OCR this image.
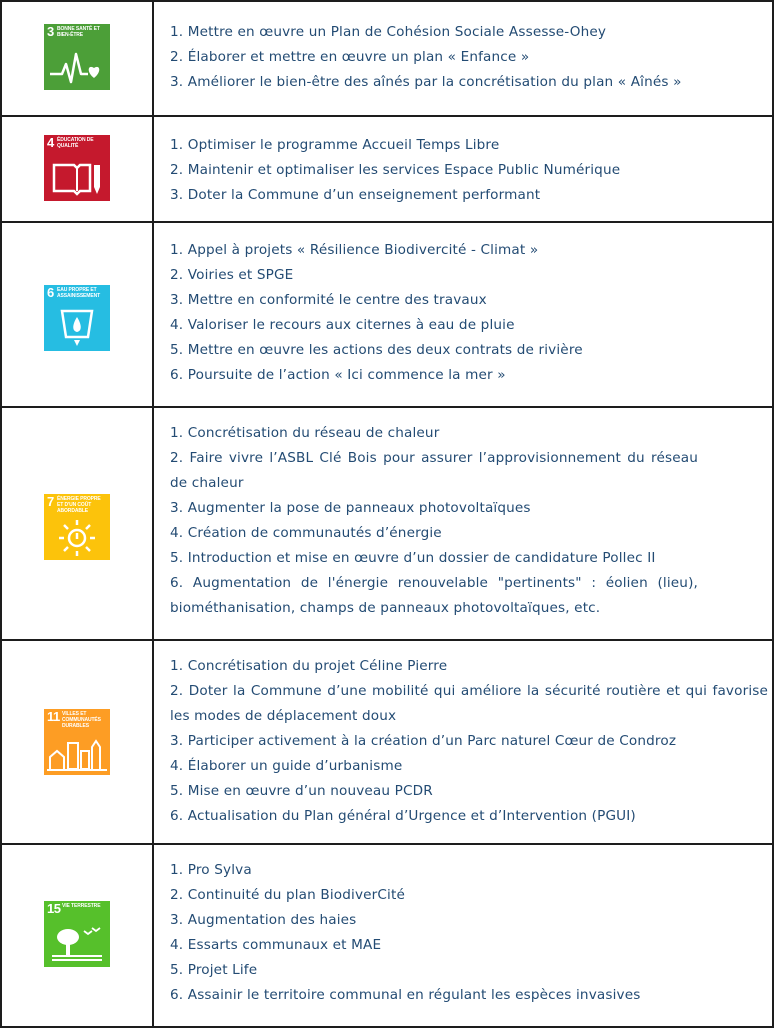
3 BONNE SANTÉ ET BIEN-ÊTRE	1. Mettre en œuvre un Plan de Cohésion Sociale Assesse-Ohey
2. Élaborer et mettre en œuvre un plan « Enfance »
3. Améliorer le bien-être des aînés par la concrétisation du plan « Aînés »
4 ÉDUCATION DE QUALITÉ	1. Optimiser le programme Accueil Temps Libre
2. Maintenir et optimaliser les services Espace Public Numérique
3. Doter la Commune d’un enseignement performant
6 EAU PROPRE ET ASSAINISSEMENT
1. Appel à projets « Résilience Biodivercité - Climat »
2. Voiries et SPGE
3. Mettre en conformité le centre des travaux
4. Valoriser le recours aux citernes à eau de pluie
5. Mettre en œuvre les actions des deux contrats de rivière
6. Poursuite de l’action « Ici commence la mer »
7 ÉNERGIE PROPRE ET D'UN COÛT ABORDABLE
1. Concrétisation du réseau de chaleur
2. Faire vivre l’ASBL Clé Bois pour assurer l’approvisionnement du réseau de chaleur
3. Augmenter la pose de panneaux photovoltaïques
4. Création de communautés d’énergie
5. Introduction et mise en œuvre d’un dossier de candidature Pollec II
6. Augmentation de l'énergie renouvelable "pertinents" : éolien (lieu), biométhanisation, champs de panneaux photovoltaïques, etc.
11 VILLES ET COMMUNAUTÉS DURABLES
1. Concrétisation du projet Céline Pierre
2. Doter la Commune d’une mobilité qui améliore la sécurité routière et qui favorise les modes de déplacement doux
3. Participer activement à la création d’un Parc naturel Cœur de Condroz
4. Élaborer un guide d’urbanisme
5. Mise en œuvre d’un nouveau PCDR
6. Actualisation du Plan général d’Urgence et d’Intervention (PGUI)
15 VIE TERRESTRE
1. Pro Sylva
2. Continuité du plan BiodiverCité
3. Augmentation des haies
4. Essarts communaux et MAE
5. Projet Life
6. Assainir le territoire communal en régulant les espèces invasives
